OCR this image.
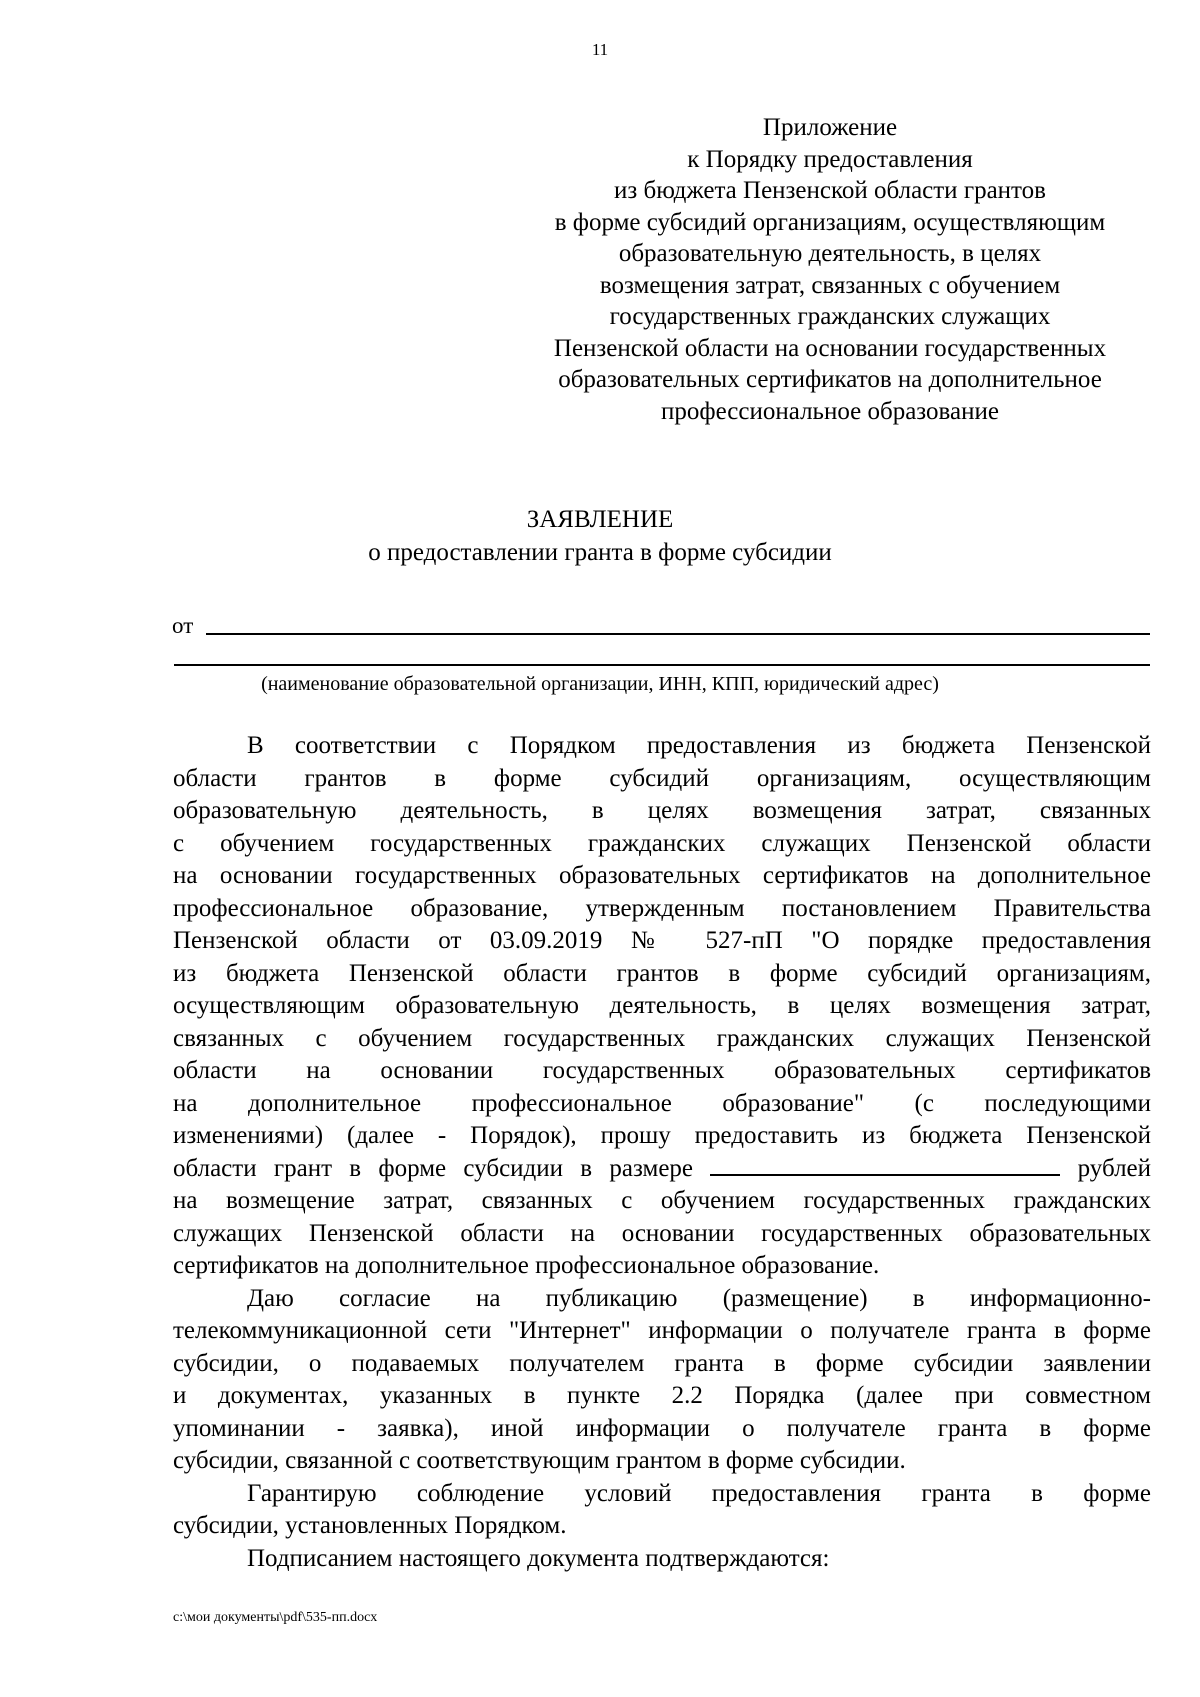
11
Приложение
к Порядку предоставления
из бюджета Пензенской области грантов
в форме субсидий организациям, осуществляющим
образовательную деятельность, в целях
возмещения затрат, связанных с обучением
государственных гражданских служащих
Пензенской области на основании государственных
образовательных сертификатов на дополнительное
профессиональное образование
ЗАЯВЛЕНИЕ
о предоставлении гранта в форме субсидии
от
(наименование образовательной организации, ИНН, КПП, юридический адрес)
В соответствии с Порядком предоставления из бюджета Пензенской
области грантов в форме субсидий организациям, осуществляющим
образовательную деятельность, в целях возмещения затрат, связанных
с обучением государственных гражданских служащих Пензенской области
на основании государственных образовательных сертификатов на дополнительное
профессиональное образование, утвержденным постановлением Правительства
Пензенской области от 03.09.2019 № 527-пП "О порядке предоставления
из бюджета Пензенской области грантов в форме субсидий организациям,
осуществляющим образовательную деятельность, в целях возмещения затрат,
связанных с обучением государственных гражданских служащих Пензенской
области на основании государственных образовательных сертификатов
на дополнительное профессиональное образование" (с последующими
изменениями) (далее - Порядок), прошу предоставить из бюджета Пензенской
области грант в форме субсидии в размере	рублей
на возмещение затрат, связанных с обучением государственных гражданских
служащих Пензенской области на основании государственных образовательных
сертификатов на дополнительное профессиональное образование.
Даю согласие на публикацию (размещение) в информационно-
телекоммуникационной сети "Интернет" информации о получателе гранта в форме
субсидии, о подаваемых получателем гранта в форме субсидии заявлении
и документах, указанных в пункте 2.2 Порядка (далее при совместном
упоминании - заявка), иной информации о получателе гранта в форме
субсидии, связанной с соответствующим грантом в форме субсидии.
Гарантирую соблюдение условий предоставления гранта в форме
субсидии, установленных Порядком.
Подписанием настоящего документа подтверждаются:
c:\мои документы\pdf\535-пп.docx
